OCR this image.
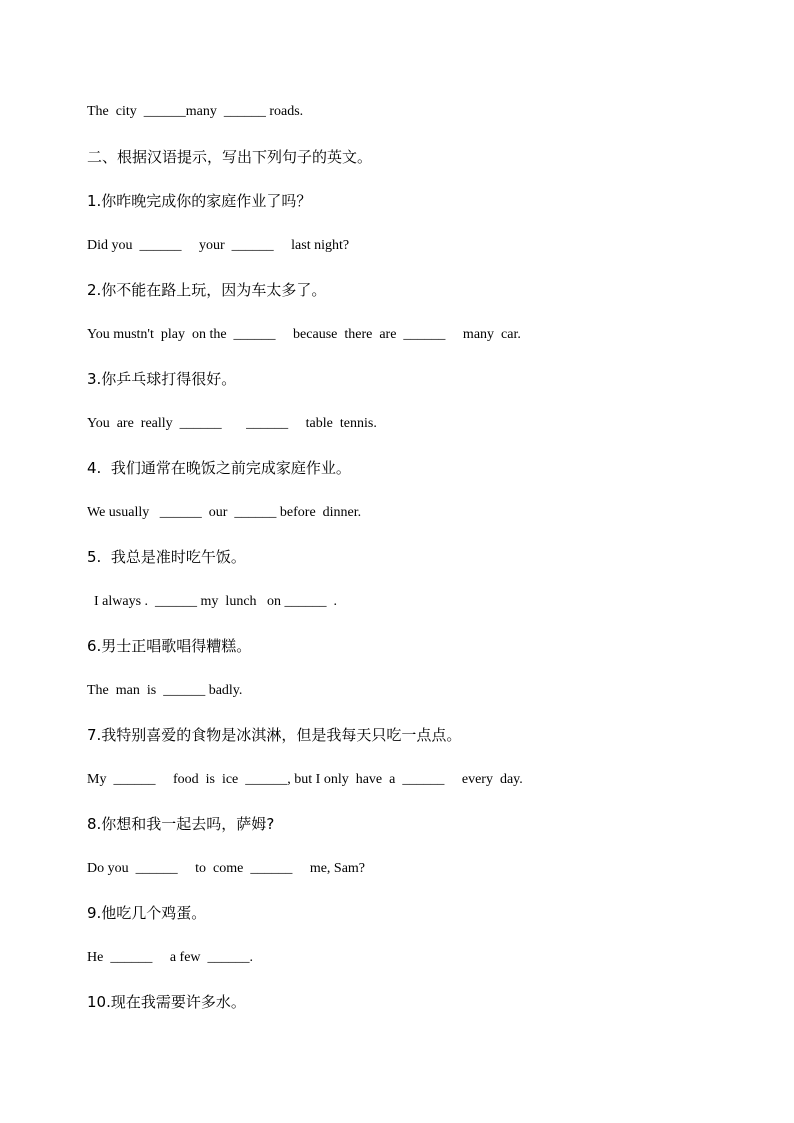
The  city  ______many  ______ roads.
二、根据汉语提示，写出下列句子的英文。
1.你昨晚完成你的家庭作业了吗？
Did you  ______     your  ______     last night?
2.你不能在路上玩，因为车太多了。
You mustn't  play  on the  ______     because  there  are  ______     many  car.
3.你乒乓球打得很好。
You  are  really  ______       ______     table  tennis.
4.  我们通常在晚饭之前完成家庭作业。
We usually   ______  our  ______ before  dinner.
5.  我总是准时吃午饭。
I always .  ______ my  lunch   on ______  .
6.男士正唱歌唱得糟糕。
The  man  is  ______ badly.
7.我特别喜爱的食物是冰淇淋，但是我每天只吃一点点。
My  ______     food  is  ice  ______, but I only  have  a  ______     every  day.
8.你想和我一起去吗，萨姆?
Do you  ______     to  come  ______     me, Sam?
9.他吃几个鸡蛋。
He  ______     a few  ______.
10.现在我需要许多水。
